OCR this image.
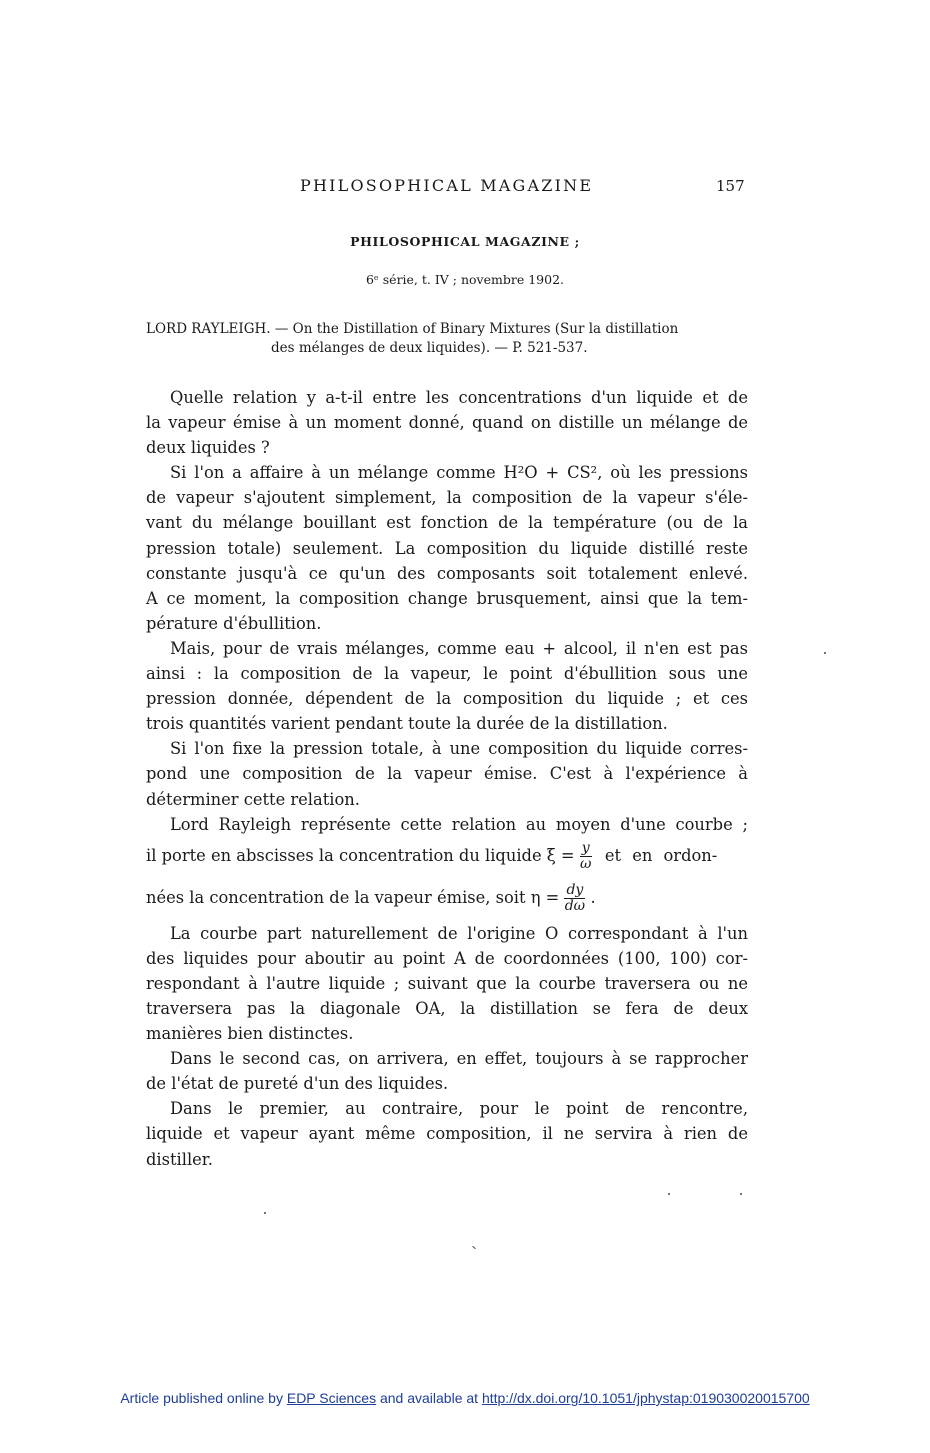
PHILOSOPHICAL MAGAZINE	157
PHILOSOPHICAL MAGAZINE ;
6ᵉ série, t. IV ; novembre 1902.
LORD RAYLEIGH. — On the Distillation of Binary Mixtures (Sur la distillation
des mélanges de deux liquides). — P. 521-537.
Quelle relation y a-t-il entre les concentrations d'un liquide et de
la vapeur émise à un moment donné, quand on distille un mélange de
deux liquides ?
Si l'on a affaire à un mélange comme H²O + CS², où les pressions
de vapeur s'ajoutent simplement, la composition de la vapeur s'éle-
vant du mélange bouillant est fonction de la température (ou de la
pression totale) seulement. La composition du liquide distillé reste
constante jusqu'à ce qu'un des composants soit totalement enlevé.
A ce moment, la composition change brusquement, ainsi que la tem-
pérature d'ébullition.
Mais, pour de vrais mélanges, comme eau + alcool, il n'en est pas
ainsi : la composition de la vapeur, le point d'ébullition sous une
pression donnée, dépendent de la composition du liquide ; et ces
trois quantités varient pendant toute la durée de la distillation.
Si l'on fixe la pression totale, à une composition du liquide corres-
pond une composition de la vapeur émise. C'est à l'expérience à
déterminer cette relation.
Lord Rayleigh représente cette relation au moyen d'une courbe ;
il porte en abscisses la concentration du liquide $\xi = \frac{y}{\omega}$ et en ordon-
nées la concentration de la vapeur émise, soit $\eta = \frac{dy}{d\omega}$ .
La courbe part naturellement de l'origine O correspondant à l'un
des liquides pour aboutir au point A de coordonnées (100, 100) cor-
respondant à l'autre liquide ; suivant que la courbe traversera ou ne
traversera pas la diagonale OA, la distillation se fera de deux
manières bien distinctes.
Dans le second cas, on arrivera, en effet, toujours à se rapprocher
de l'état de pureté d'un des liquides.
Dans le premier, au contraire, pour le point de rencontre,
liquide et vapeur ayant même composition, il ne servira à rien de
distiller.
Article published online by EDP Sciences and available at http://dx.doi.org/10.1051/jphystap:019030020015700
